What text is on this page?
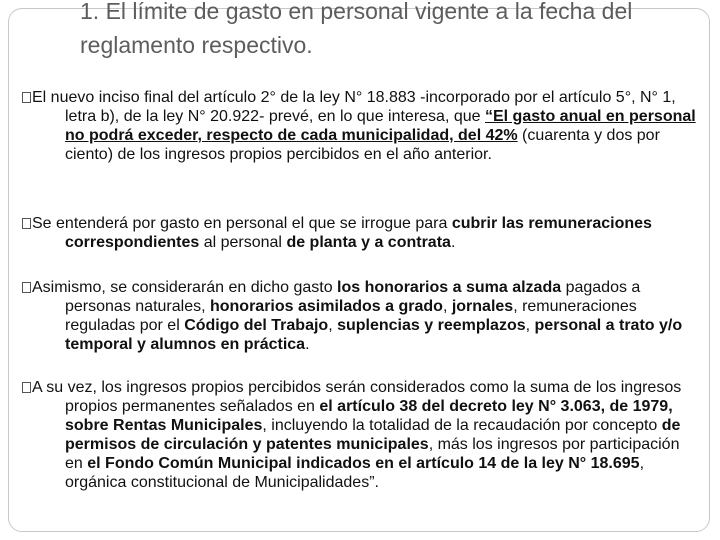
1. El límite de gasto en personal vigente a la fecha del reglamento respectivo.
El nuevo inciso final del artículo 2° de la ley N° 18.883 -incorporado por el artículo 5°, N° 1, letra b), de la ley N° 20.922- prevé, en lo que interesa, que “El gasto anual en personal no podrá exceder, respecto de cada municipalidad, del 42% (cuarenta y dos por ciento) de los ingresos propios percibidos en el año anterior.
Se entenderá por gasto en personal el que se irrogue para cubrir las remuneraciones correspondientes al personal de planta y a contrata.
Asimismo, se considerarán en dicho gasto los honorarios a suma alzada pagados a personas naturales, honorarios asimilados a grado, jornales, remuneraciones reguladas por el Código del Trabajo, suplencias y reemplazos, personal a trato y/o temporal y alumnos en práctica.
A su vez, los ingresos propios percibidos serán considerados como la suma de los ingresos propios permanentes señalados en el artículo 38 del decreto ley N° 3.063, de 1979, sobre Rentas Municipales, incluyendo la totalidad de la recaudación por concepto de permisos de circulación y patentes municipales, más los ingresos por participación en el Fondo Común Municipal indicados en el artículo 14 de la ley N° 18.695, orgánica constitucional de Municipalidades”.
